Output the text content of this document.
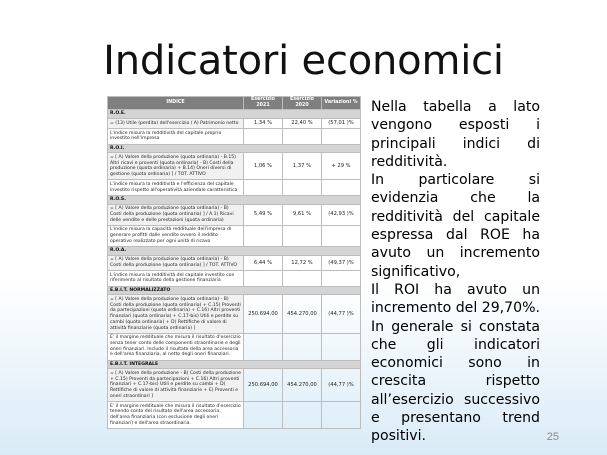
Indicatori economici
INDICE	Esercizio 2021	Esercizio 2020	Variazioni %
R.O.E.			
= (13) Utile (perdita) dell'esercizio / A) Patrimonio netto	1,34 %	22,40 %	(57,01 )%
L'indice misura la redditività del capitale proprio investito nell'impresa			
R.O.I.			
= [ A) Valore della produzione (quota ordinaria) - B.15) Altri ricavi e proventi (quota ordinaria) - B) Costi della produzione (quota ordinaria) + B.14) Oneri diversi di gestione (quota ordinaria) ] / TOT. ATTIVO	1,06 %	1,37 %	+ 29 %
L'indice misura la redditività e l'efficienza del capitale investito rispetto all'operatività aziendale caratteristica			
R.O.S.			
= [ A) Valore della produzione (quota ordinaria) - B) Costi della produzione (quota ordinaria) ] / A.1) Ricavi delle vendite e delle prestazioni (quota ordinaria)	5,49 %	9,61 %	(42,93 )%
L'indice misura la capacità reddituale dell'impresa di generare profitti dalle vendite ovvero il reddito operativo realizzato per ogni unità di ricavo			
R.O.A.			
= [ A) Valore della produzione (quota ordinaria) - B) Costi della produzione (quota ordinaria) ] / TOT. ATTIVO	6,44 %	12,72 %	(49,37 )%
L'indice misura la redditività del capitale investito con riferimento al risultato della gestione finanziaria			
E.B.I.T. NORMALIZZATO			
= [ A) Valore della produzione (quota ordinaria) - B) Costi della produzione (quota ordinaria) + C.15) Proventi da partecipazioni (quota ordinaria) + C.16) Altri proventi finanziari (quota ordinaria) + C.17-bis) Utili e perdite su cambi (quota ordinaria) + D) Rettifiche di valore di attività finanziarie (quota ordinaria) ]	250.694,00	454.270,00	(44,77 )%
E' il margine reddituale che misura il risultato d'esercizio senza tener conto delle componenti straordinarie e degli oneri finanziari. Include il risultato della area accessoria e dell'area finanziaria, al netto degli oneri finanziari.			
E.B.I.T. INTEGRALE			
= [ A) Valore della produzione - B) Costi della produzione + C.15) Proventi da partecipazioni + C.16) Altri proventi finanziari + C.17-bis) Utili e perdite su cambi + D) Rettifiche di valore di attività finanziarie + E) Proventi e oneri straordinari ]	250.694,00	454.270,00	(44,77 )%
E' il margine reddituale che misura il risultato d'esercizio tenendo conto del risultato dell'area accessoria, dell'area finanziaria (con esclusione degli oneri finanziari) e dell'area straordinaria.			

Nella tabella a lato vengono esposti i principali indici di redditività.

In particolare si evidenzia che la redditività del capitale espressa dal ROE ha avuto un incremento significativo,

Il ROI ha avuto un incremento del 29,70%.

In generale si constata che gli indicatori economici sono in crescita rispetto all’esercizio successivo e presentano trend positivi.	25
